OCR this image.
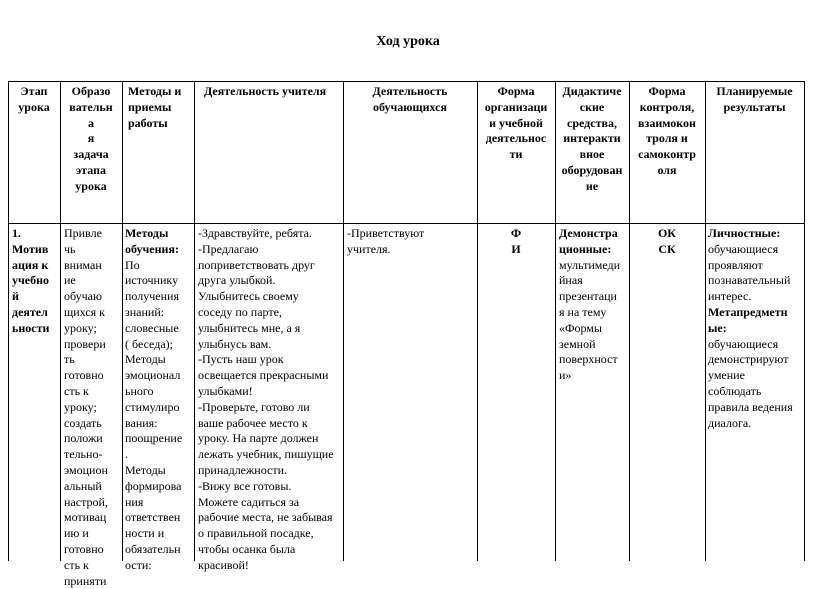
Ход урока
Этап
урока
Образо
вательн
а
я
задача
этапа
урока
Методы и
приемы
работы
Деятельность учителя	Деятельность
обучающихся
Форма
организаци
и учебной
деятельнос
ти
Дидактиче
ские
средства,
интеракти
вное
оборудован
ие
Форма
контроля,
взаимокон
троля и
самоконтр
оля
Планируемые
результаты
1.
Мотив
ация к
учебно
й
деятел
ьности
Привле
чь
вниман
ие
обучаю
щихся к
уроку;
провери
ть
готовно
сть к
уроку;
создать
положи
тельно-
эмоцион
альный
настрой,
мотивац
ию и
готовно
сть к
приняти
Методы
обучения:
По
источнику
получения
знаний:
словесные
( беседа);
Методы
эмоционал
ьного
стимулиро
вания:
поощрение
.
Методы
формирова
ния
ответствен
ности и
обязательн
ости:
-Здравствуйте, ребята.
-Предлагаю
поприветствовать друг
друга улыбкой.
Улыбнитесь своему
соседу по парте,
улыбнитесь мне, а я
улыбнусь вам.
-Пусть наш урок
освещается прекрасными
улыбками!
-Проверьте, готово ли
ваше рабочее место к
уроку. На парте должен
лежать учебник, пишущие
принадлежности.
-Вижу все готовы.
Можете садиться за
рабочие места, не забывая
о правильной посадке,
чтобы осанка была
красивой!
-Приветствуют
учителя.
Ф
И
Демонстра
ционные:
мультимеди
йная
презентаци
я на тему
«Формы
земной
поверхност
и»
ОК
СК
Личностные:
обучающиеся
проявляют
познавательный
интерес.
Метапредметн
ые:
обучающиеся
демонстрируют
умение
соблюдать
правила ведения
диалога.
